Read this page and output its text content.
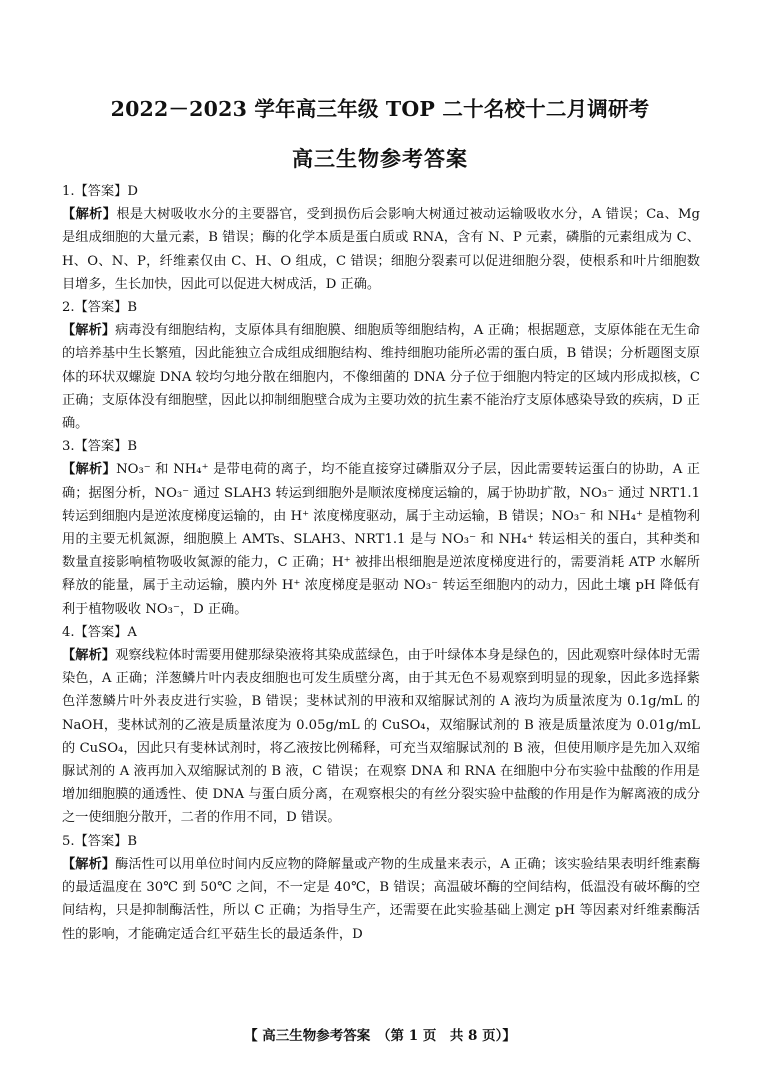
2022－2023 学年高三年级 TOP 二十名校十二月调研考
高三生物参考答案

1.【答案】D

【解析】根是大树吸收水分的主要器官，受到损伤后会影响大树通过被动运输吸收水分，A 错误；Ca、Mg 是组成细胞的大量元素，B 错误；酶的化学本质是蛋白质或 RNA，含有 N、P 元素，磷脂的元素组成为 C、H、O、N、P，纤维素仅由 C、H、O 组成，C 错误；细胞分裂素可以促进细胞分裂，使根系和叶片细胞数目增多，生长加快，因此可以促进大树成活，D 正确。

2.【答案】B

【解析】病毒没有细胞结构，支原体具有细胞膜、细胞质等细胞结构，A 正确；根据题意，支原体能在无生命的培养基中生长繁殖，因此能独立合成组成细胞结构、维持细胞功能所必需的蛋白质，B 错误；分析题图支原体的环状双螺旋 DNA 较均匀地分散在细胞内，不像细菌的 DNA 分子位于细胞内特定的区域内形成拟核，C 正确；支原体没有细胞壁，因此以抑制细胞壁合成为主要功效的抗生素不能治疗支原体感染导致的疾病，D 正确。

3.【答案】B

【解析】NO₃⁻ 和 NH₄⁺ 是带电荷的离子，均不能直接穿过磷脂双分子层，因此需要转运蛋白的协助，A 正确；据图分析，NO₃⁻ 通过 SLAH3 转运到细胞外是顺浓度梯度运输的，属于协助扩散，NO₃⁻ 通过 NRT1.1 转运到细胞内是逆浓度梯度运输的，由 H⁺ 浓度梯度驱动，属于主动运输，B 错误；NO₃⁻ 和 NH₄⁺ 是植物利用的主要无机氮源，细胞膜上 AMTs、SLAH3、NRT1.1 是与 NO₃⁻ 和 NH₄⁺ 转运相关的蛋白，其种类和数量直接影响植物吸收氮源的能力，C 正确；H⁺ 被排出根细胞是逆浓度梯度进行的，需要消耗 ATP 水解所释放的能量，属于主动运输，膜内外 H⁺ 浓度梯度是驱动 NO₃⁻ 转运至细胞内的动力，因此土壤 pH 降低有利于植物吸收 NO₃⁻，D 正确。

4.【答案】A

【解析】观察线粒体时需要用健那绿染液将其染成蓝绿色，由于叶绿体本身是绿色的，因此观察叶绿体时无需染色，A 正确；洋葱鳞片叶内表皮细胞也可发生质壁分离，由于其无色不易观察到明显的现象，因此多选择紫色洋葱鳞片叶外表皮进行实验，B 错误；斐林试剂的甲液和双缩脲试剂的 A 液均为质量浓度为 0.1g/mL 的 NaOH，斐林试剂的乙液是质量浓度为 0.05g/mL 的 CuSO₄，双缩脲试剂的 B 液是质量浓度为 0.01g/mL 的 CuSO₄，因此只有斐林试剂时，将乙液按比例稀释，可充当双缩脲试剂的 B 液，但使用顺序是先加入双缩脲试剂的 A 液再加入双缩脲试剂的 B 液，C 错误；在观察 DNA 和 RNA 在细胞中分布实验中盐酸的作用是增加细胞膜的通透性、使 DNA 与蛋白质分离，在观察根尖的有丝分裂实验中盐酸的作用是作为解离液的成分之一使细胞分散开，二者的作用不同，D 错误。

5.【答案】B

【解析】酶活性可以用单位时间内反应物的降解量或产物的生成量来表示，A 正确；该实验结果表明纤维素酶的最适温度在 30℃ 到 50℃ 之间，不一定是 40℃，B 错误；高温破坏酶的空间结构，低温没有破坏酶的空间结构，只是抑制酶活性，所以 C 正确；为指导生产，还需要在此实验基础上测定 pH 等因素对纤维素酶活性的影响，才能确定适合红平菇生长的最适条件，D

【 高三生物参考答案　（第 1 页　共 8 页）】
